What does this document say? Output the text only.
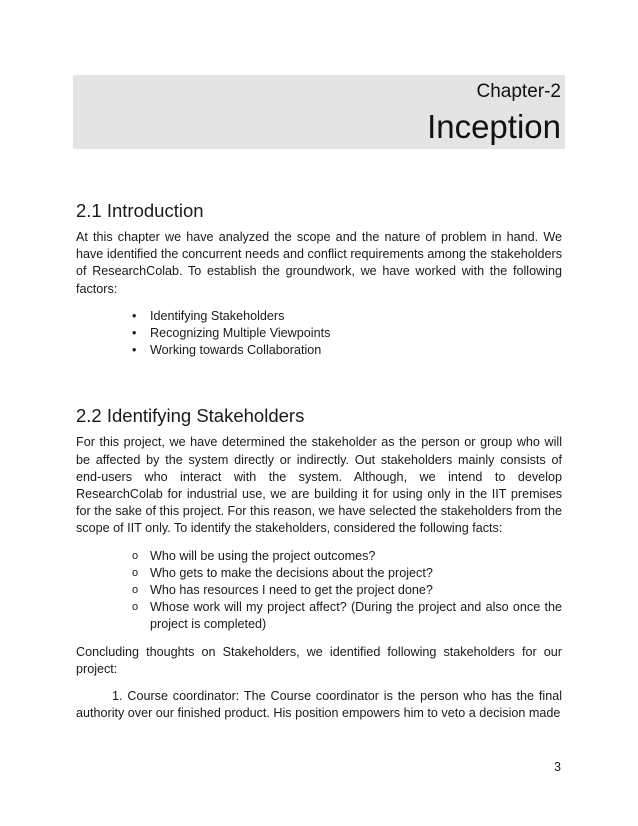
Chapter-2
Inception
2.1 Introduction

At this chapter we have analyzed the scope and the nature of problem in hand. We have identified the concurrent needs and conflict requirements among the stakeholders of ResearchColab. To establish the groundwork, we have worked with the following factors:

• Identifying Stakeholders
• Recognizing Multiple Viewpoints
• Working towards Collaboration
2.2 Identifying Stakeholders

For this project, we have determined the stakeholder as the person or group who will be affected by the system directly or indirectly. Out stakeholders mainly consists of end-users who interact with the system. Although, we intend to develop ResearchColab for industrial use, we are building it for using only in the IIT premises for the sake of this project. For this reason, we have selected the stakeholders from the scope of IIT only. To identify the stakeholders, considered the following facts:

o Who will be using the project outcomes?
o Who gets to make the decisions about the project?
o Who has resources I need to get the project done?
o Whose work will my project affect? (During the project and also once the project is completed)

Concluding thoughts on Stakeholders, we identified following stakeholders for our project:

1. Course coordinator: The Course coordinator is the person who has the final authority over our finished product. His position empowers him to veto a decision made

3
